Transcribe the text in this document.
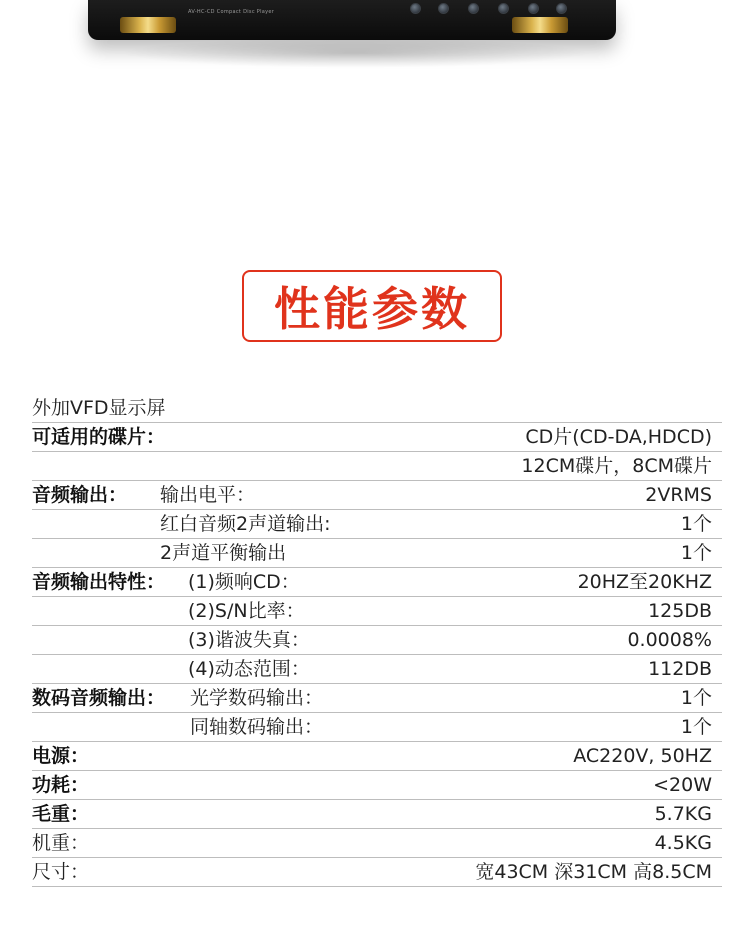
AV-HC-CD Compact Disc Player
性能参数
外加VFD显示屏
可适用的碟片：	CD片(CD-DA,HDCD)
12CM碟片，8CM碟片
音频输出： 输出电平：	2VRMS
红白音频2声道输出:	1个
2声道平衡输出	1个
音频输出特性： (1)频响CD：	20HZ至20KHZ
(2)S/N比率：	125DB
(3)谐波失真：	0.0008%
(4)动态范围：	112DB
数码音频输出： 光学数码输出：	1个
同轴数码输出：	1个
电源：	AC220V, 50HZ
功耗：	<20W
毛重：	5.7KG
机重：	4.5KG
尺寸：	宽43CM 深31CM 高8.5CM
